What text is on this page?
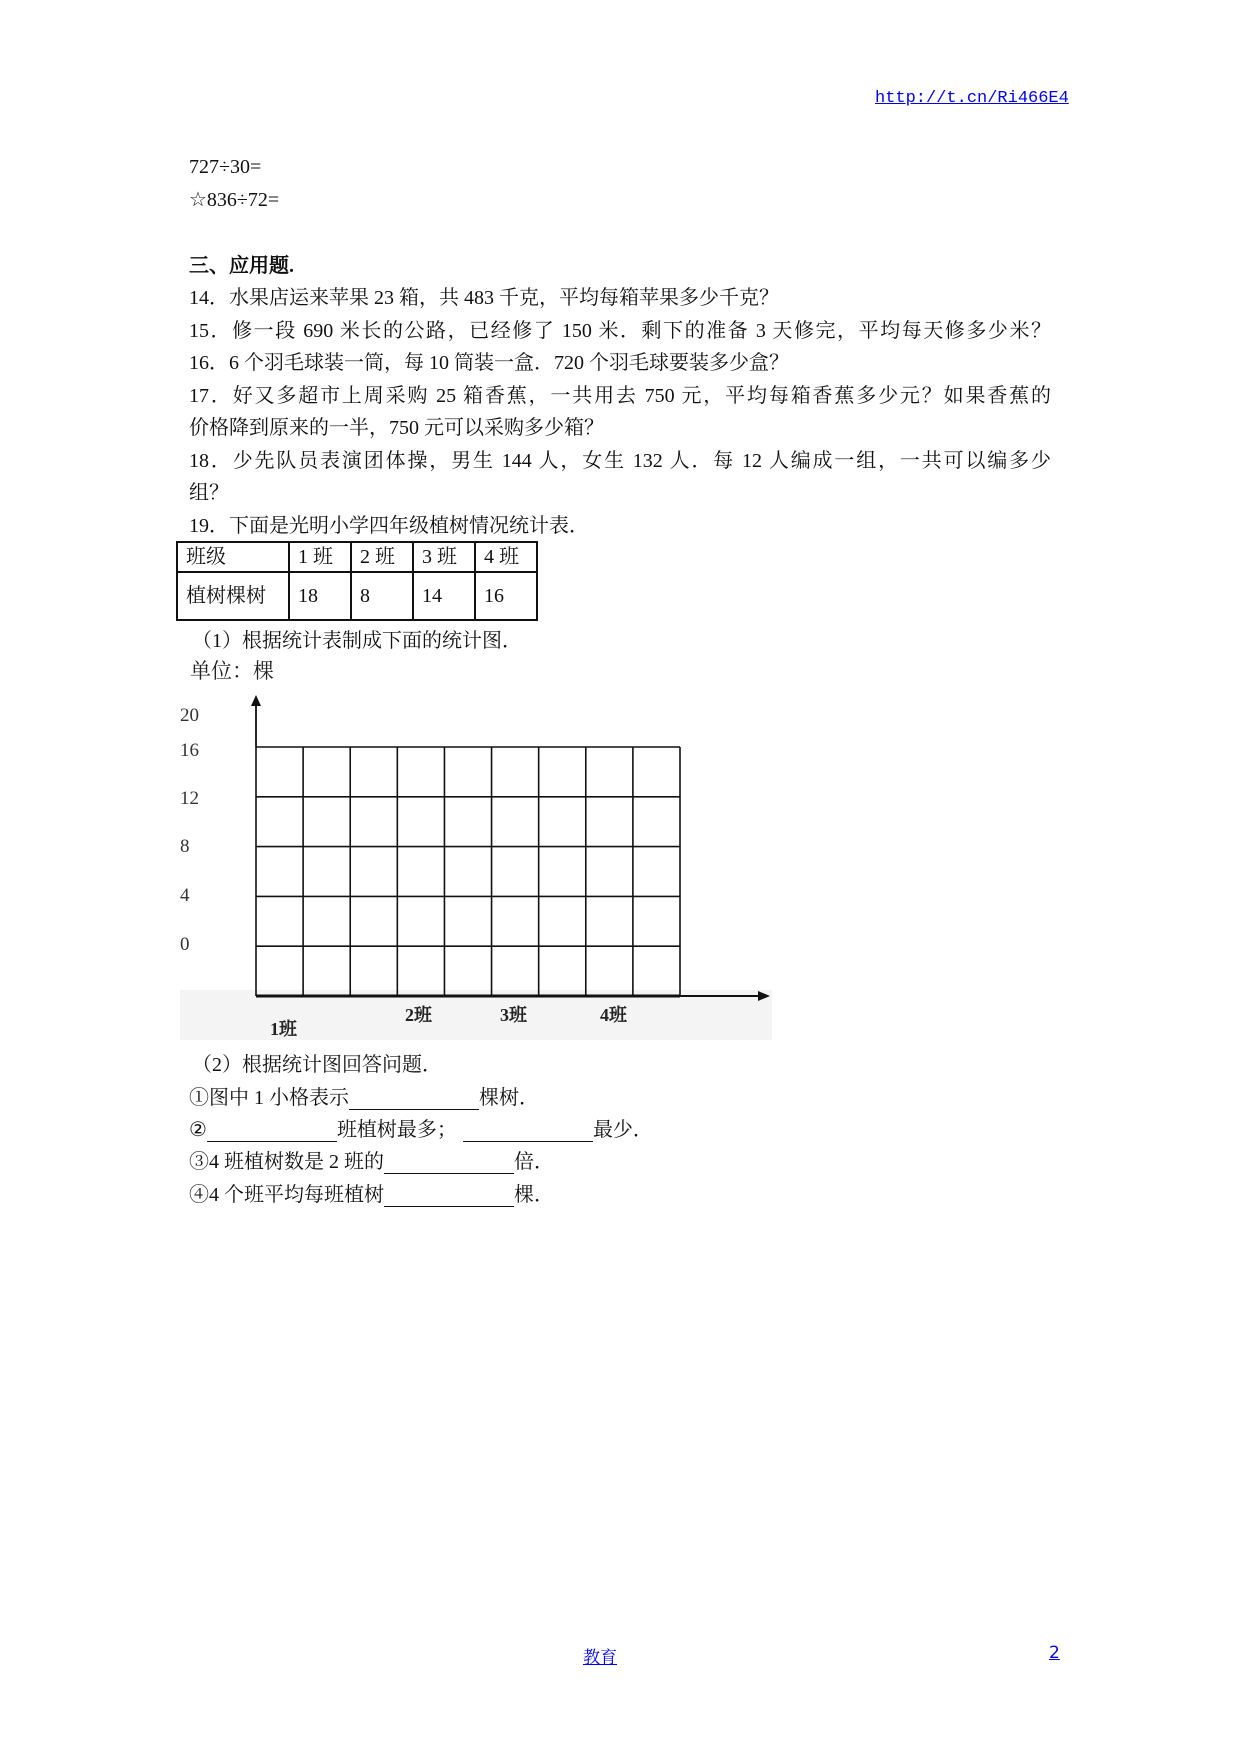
http://t.cn/Ri466E4
727÷30=
☆836÷72=
三、应用题.
14．水果店运来苹果 23 箱，共 483 千克，平均每箱苹果多少千克？
15．修一段 690 米长的公路，已经修了 150 米．剩下的准备 3 天修完，平均每天修多少米？
16．6 个羽毛球装一筒，每 10 筒装一盒．720 个羽毛球要装多少盒？
17．好又多超市上周采购 25 箱香蕉，一共用去 750 元，平均每箱香蕉多少元？如果香蕉的
价格降到原来的一半，750 元可以采购多少箱？
18．少先队员表演团体操，男生 144 人，女生 132 人．每 12 人编成一组，一共可以编多少
组？
19．下面是光明小学四年级植树情况统计表．
班级	1 班	2 班	3 班	4 班
植树棵树	18	8	14	16
（1）根据统计表制成下面的统计图．
单位：棵
20
16
12
8
4
0
1班
2班	3班	4班
（2）根据统计图回答问题．
①图中 1 小格表示	棵树．
②	班植树最多；	最少．
③4 班植树数是 2 班的	倍．
④4 个班平均每班植树	棵．
教育	2
